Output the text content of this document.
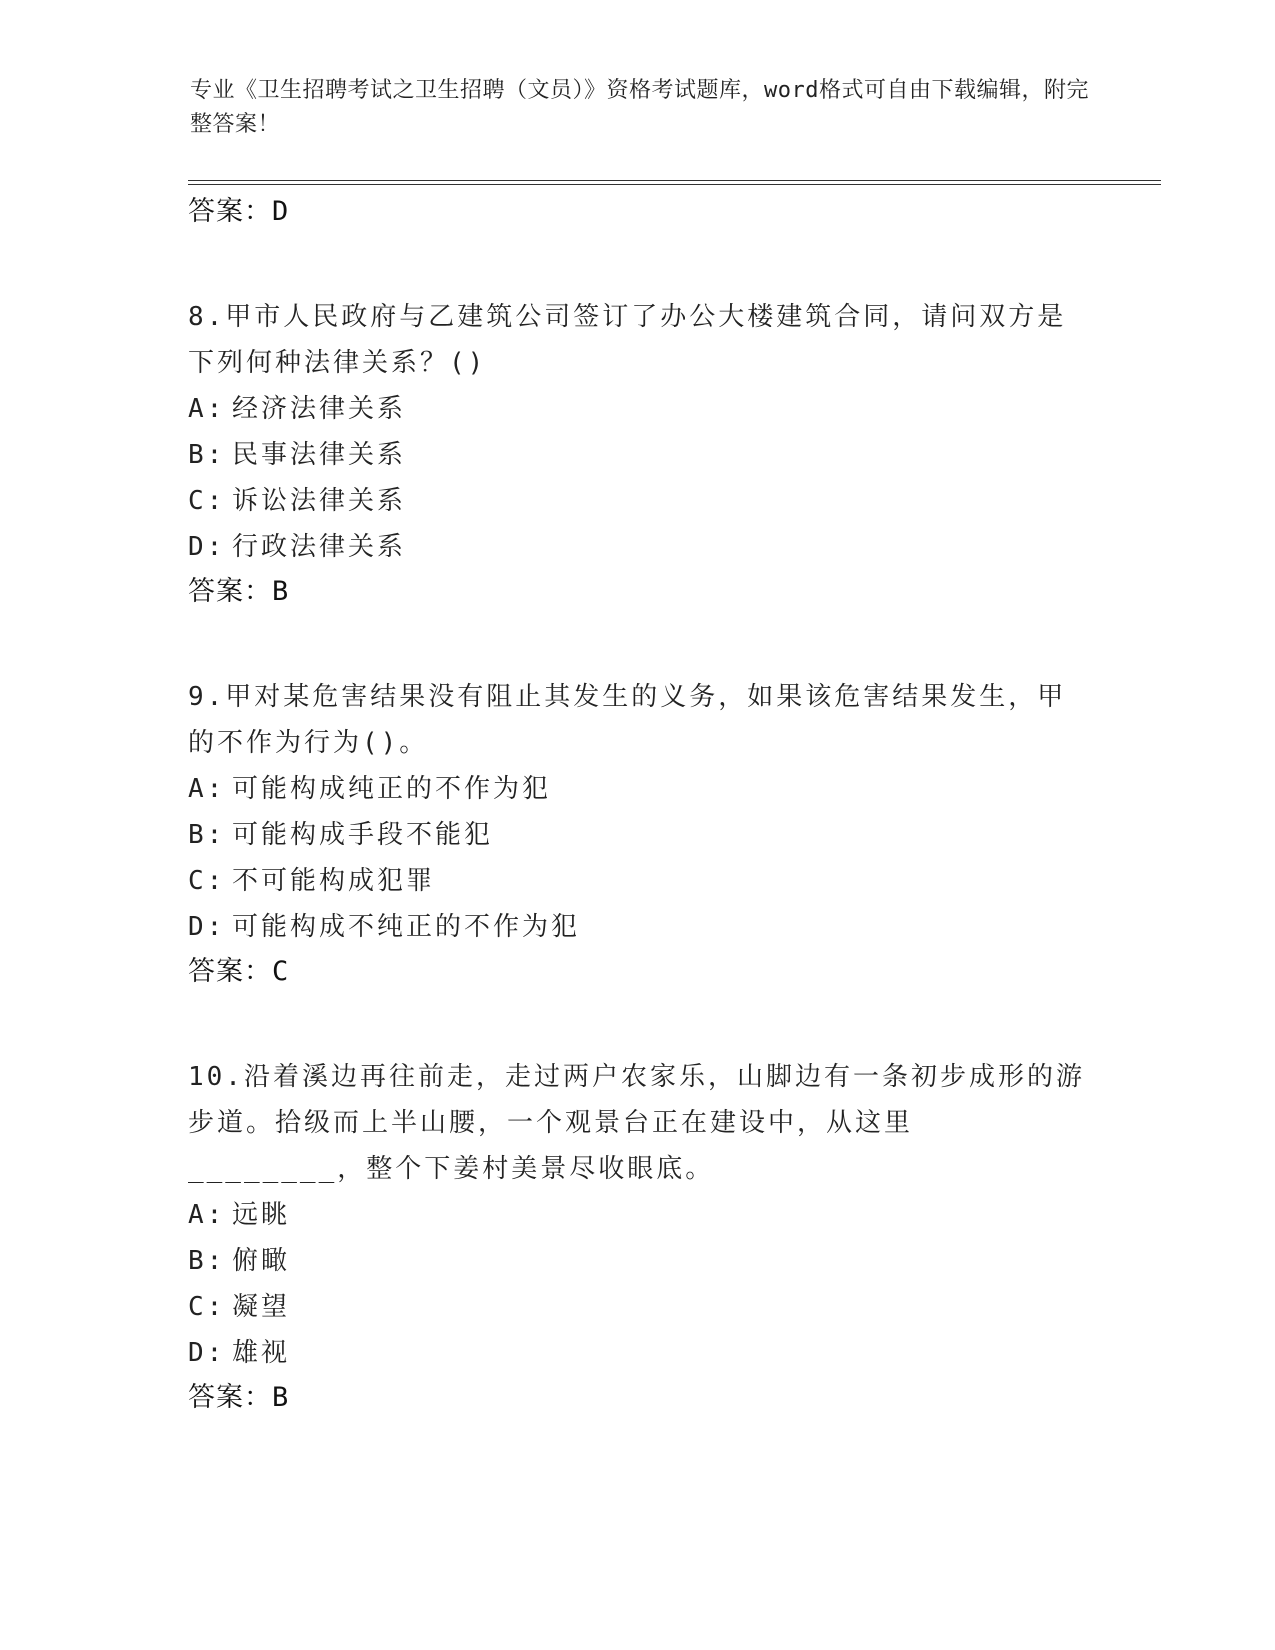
专业《卫生招聘考试之卫生招聘（文员）》资格考试题库，word格式可自由下载编辑，附完整答案！
答案：D
8.甲市人民政府与乙建筑公司签订了办公大楼建筑合同，请问双方是下列何种法律关系？()
A: 经济法律关系
B: 民事法律关系
C: 诉讼法律关系
D: 行政法律关系
答案：B
9.甲对某危害结果没有阻止其发生的义务，如果该危害结果发生，甲的不作为行为()。
A: 可能构成纯正的不作为犯
B: 可能构成手段不能犯
C: 不可能构成犯罪
D: 可能构成不纯正的不作为犯
答案：C
10.沿着溪边再往前走，走过两户农家乐，山脚边有一条初步成形的游步道。拾级而上半山腰，一个观景台正在建设中，从这里________，整个下姜村美景尽收眼底。
A: 远眺
B: 俯瞰
C: 凝望
D: 雄视
答案：B
